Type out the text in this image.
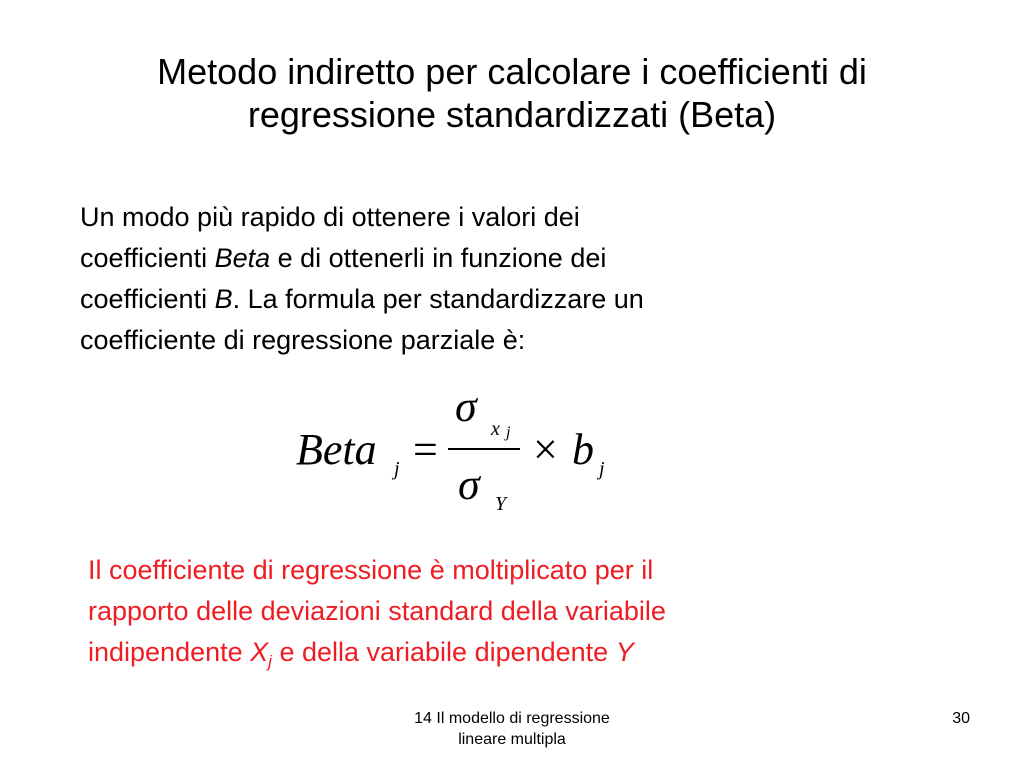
Metodo indiretto per calcolare i coefficienti di
regressione standardizzati (Beta)
Un modo più rapido di ottenere i valori dei
coefficienti Beta e di ottenerli in funzione dei
coefficienti B. La formula per standardizzare un
coefficiente di regressione parziale è:
Beta j =
σ x j
σ Y
× b j
Il coefficiente di regressione è moltiplicato per il
rapporto delle deviazioni standard della variabile
indipendente $X_j$ e della variabile dipendente Y
14 Il modello di regressione
lineare multipla
30
